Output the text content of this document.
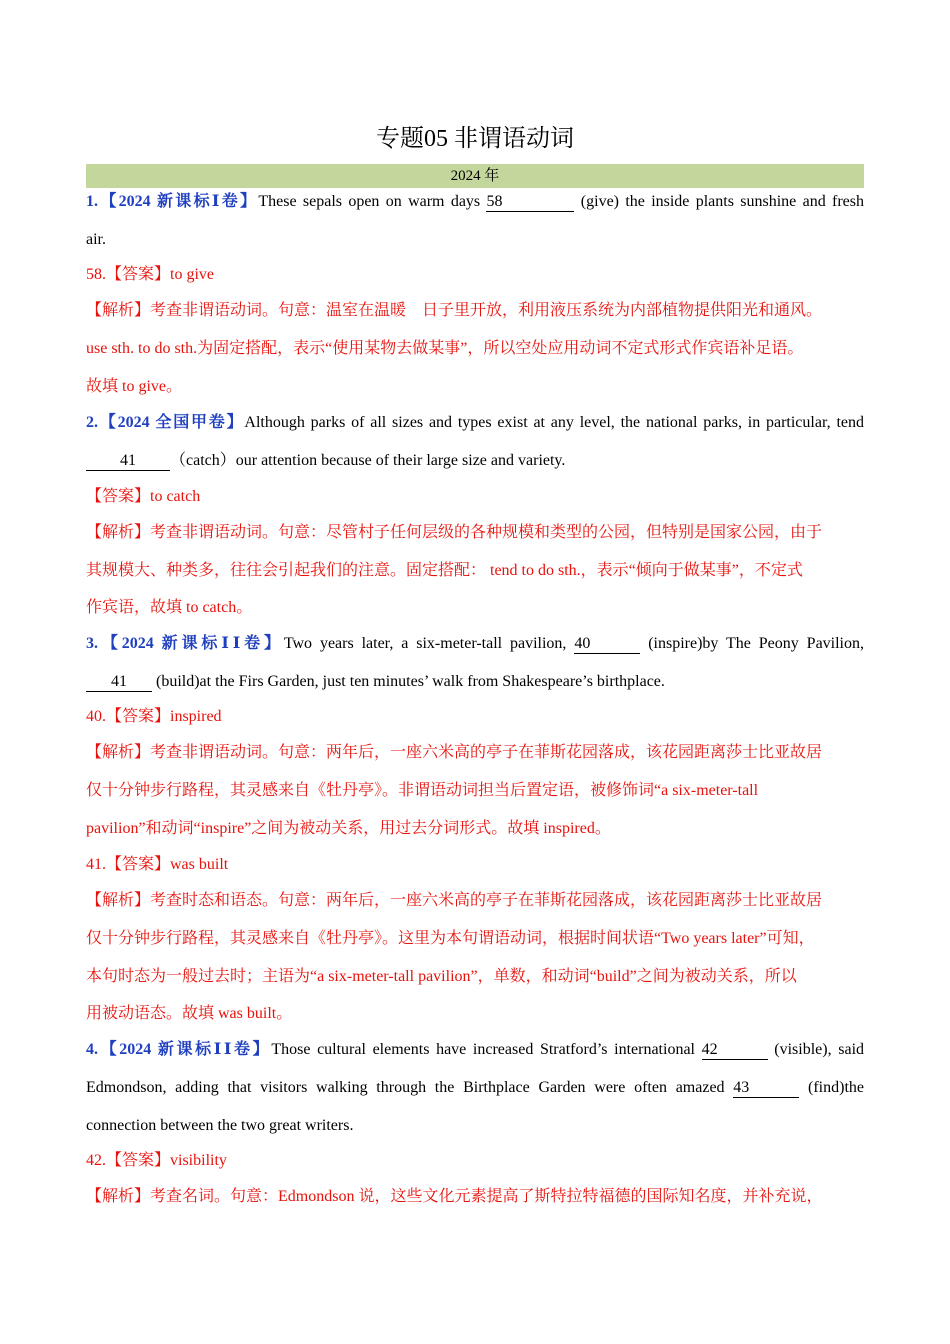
专题05 非谓语动词
2024 年
1.【2024 新课标Ⅰ卷】These sepals open on warm days 58	(give) the inside plants sunshine and fresh
air.
58.【答案】to give
【解析】考查非谓语动词。句意：温室在温暖　日子里开放，利用液压系统为内部植物提供阳光和通风。
use sth. to do sth.为固定搭配，表示“使用某物去做某事”，所以空处应用动词不定式形式作宾语补足语。
故填 to give。
2.【2024 全国甲卷】Although parks of all sizes and types exist at any level, the national parks, in particular, tend
41 （catch）our attention because of their large size and variety.
【答案】to catch
【解析】考查非谓语动词。句意：尽管村子任何层级的各种规模和类型的公园，但特别是国家公园，由于
其规模大、种类多，往往会引起我们的注意。固定搭配： tend to do sth.，表示“倾向于做某事”，不定式
作宾语，故填 to catch。
3.【2024 新课标ⅠⅠ卷】Two years later, a six-meter-tall pavilion, 40	(inspire)by The Peony Pavilion,
41 (build)at the Firs Garden, just ten minutes’ walk from Shakespeare’s birthplace.
40.【答案】inspired
【解析】考查非谓语动词。句意：两年后，一座六米高的亭子在菲斯花园落成，该花园距离莎士比亚故居
仅十分钟步行路程，其灵感来自《牡丹亭》。非谓语动词担当后置定语，被修饰词“a six-meter-tall
pavilion”和动词“inspire”之间为被动关系，用过去分词形式。故填 inspired。
41.【答案】was built
【解析】考查时态和语态。句意：两年后，一座六米高的亭子在菲斯花园落成，该花园距离莎士比亚故居
仅十分钟步行路程，其灵感来自《牡丹亭》。这里为本句谓语动词，根据时间状语“Two years later”可知，
本句时态为一般过去时；主语为“a six-meter-tall pavilion”，单数，和动词“build”之间为被动关系，所以
用被动语态。故填 was built。
4.【2024 新课标ⅠⅠ卷】Those cultural elements have increased Stratford’s international 42	(visible), said
Edmondson, adding that visitors walking through the Birthplace Garden were often amazed 43	(find)the
connection between the two great writers.
42.【答案】visibility
【解析】考查名词。句意：Edmondson 说，这些文化元素提高了斯特拉特福德的国际知名度，并补充说，
